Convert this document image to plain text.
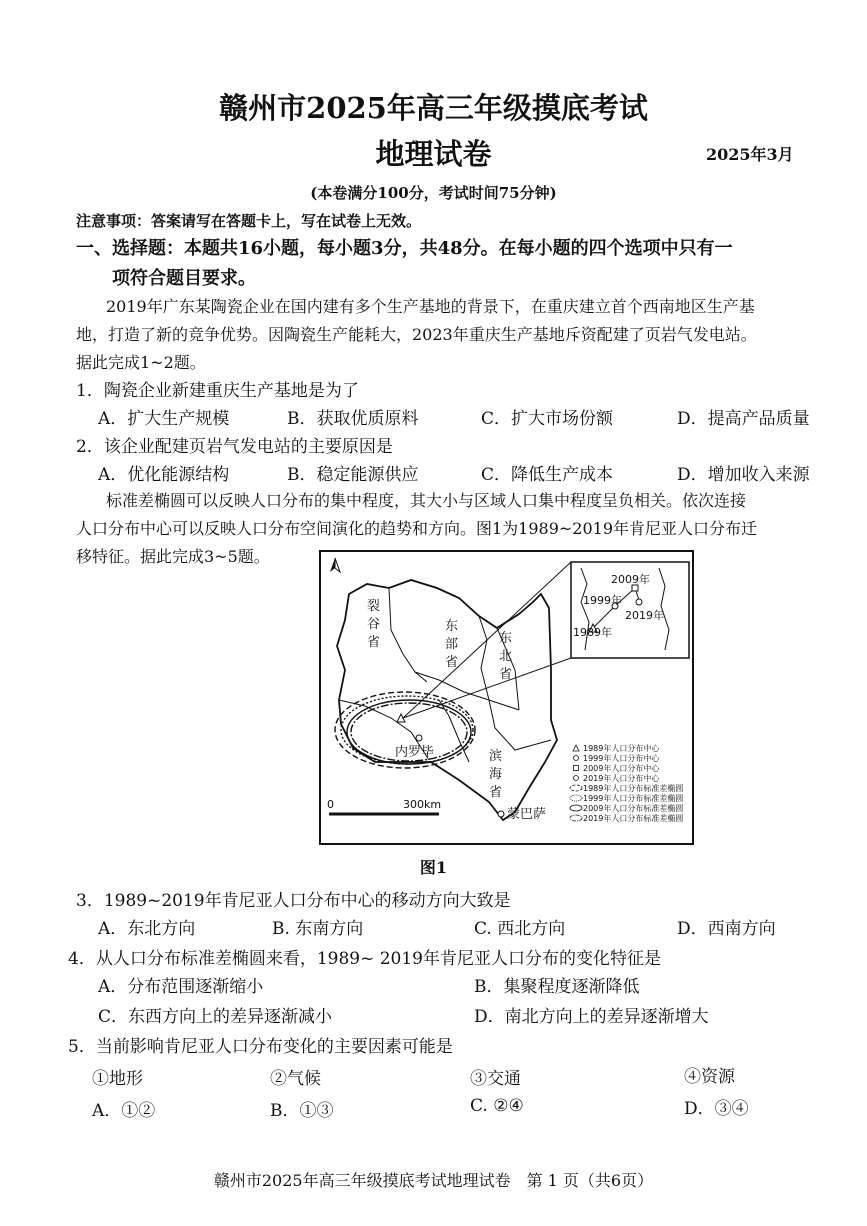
赣州市2025年高三年级摸底考试
地理试卷	2025年3月
(本卷满分100分，考试时间75分钟)
注意事项：答案请写在答题卡上，写在试卷上无效。
一、选择题：本题共16小题，每小题3分，共48分。在每小题的四个选项中只有一
项符合题目要求。
2019年广东某陶瓷企业在国内建有多个生产基地的背景下，在重庆建立首个西南地区生产基
地，打造了新的竞争优势。因陶瓷生产能耗大，2023年重庆生产基地斥资配建了页岩气发电站。
据此完成1~2题。
1．陶瓷企业新建重庆生产基地是为了
A．扩大生产规模	B．获取优质原料	C．扩大市场份额	D．提高产品质量
2．该企业配建页岩气发电站的主要原因是
A．优化能源结构	B．稳定能源供应	C．降低生产成本	D．增加收入来源
标准差椭圆可以反映人口分布的集中程度，其大小与区域人口集中程度呈负相关。依次连接
人口分布中心可以反映人口分布空间演化的趋势和方向。图1为1989~2019年肯尼亚人口分布迁
移特征。据此完成3~5题。
2009年
1999年
2019年
1989年
裂
谷
省
东
部
省
东
北
省
滨
海
省
内罗毕
蒙巴萨
0	300km
1989年人口分布中心
1999年人口分布中心
2009年人口分布中心
2019年人口分布中心
1989年人口分布标准差椭圆
1999年人口分布标准差椭圆
2009年人口分布标准差椭圆
2019年人口分布标准差椭圆
图1
3．1989~2019年肯尼亚人口分布中心的移动方向大致是
A．东北方向	B. 东南方向	C. 西北方向	D．西南方向
4．从人口分布标准差椭圆来看，1989~ 2019年肯尼亚人口分布的变化特征是
A．分布范围逐渐缩小	B．集聚程度逐渐降低
C．东西方向上的差异逐渐减小	D．南北方向上的差异逐渐增大
5．当前影响肯尼亚人口分布变化的主要因素可能是
①地形	②气候	③交通	④资源
A．①②	B．①③	C. ②④	D．③④
赣州市2025年高三年级摸底考试地理试卷　第 1 页（共6页）
